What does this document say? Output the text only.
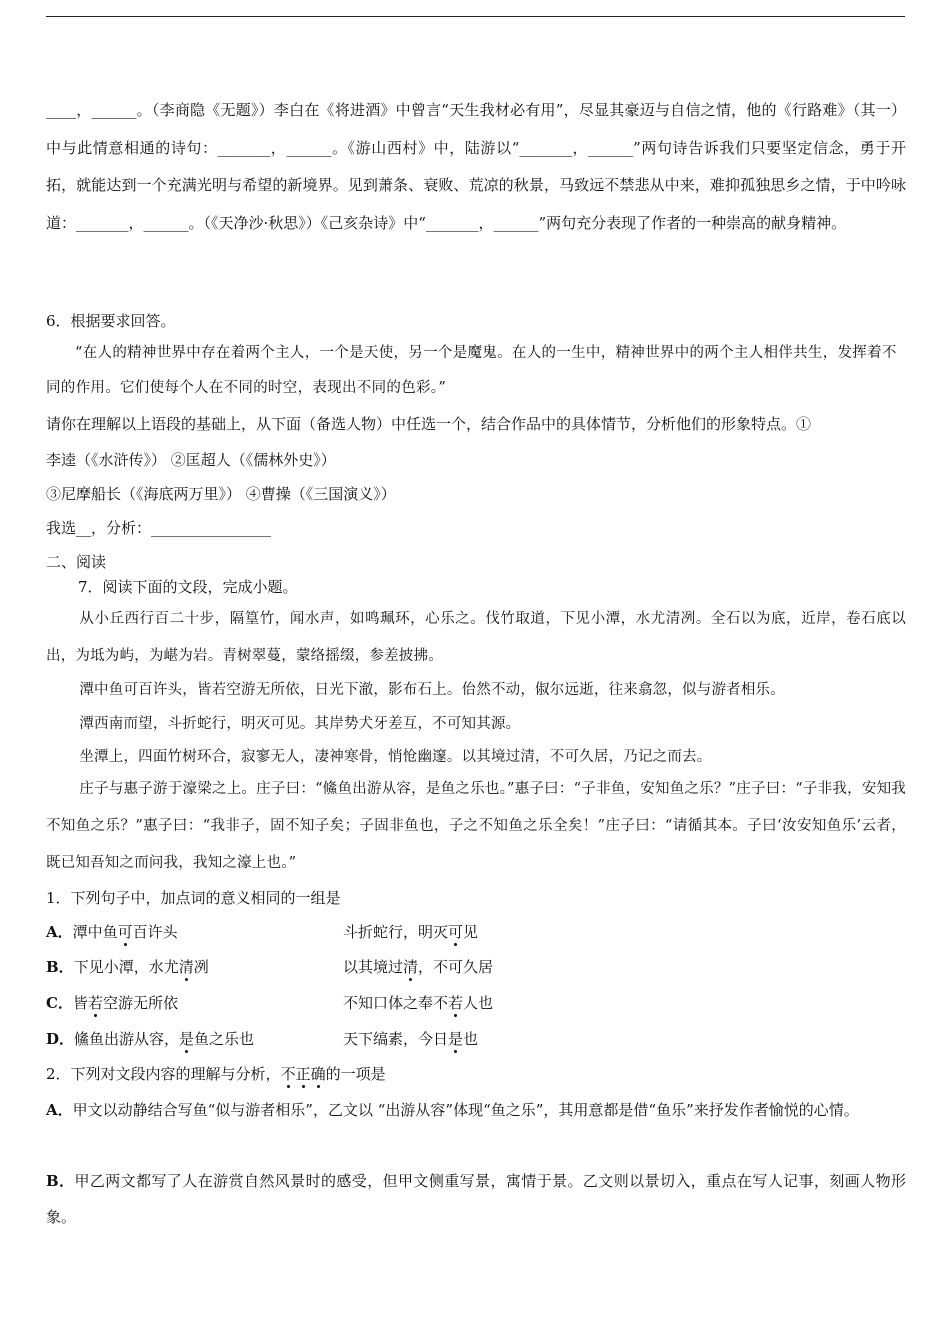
____，______。（李商隐《无题》）李白在《将进酒》中曾言“天生我材必有用”，尽显其豪迈与自信之情，他的《行路难》（其一）中与此情意相通的诗句：_______，______。《游山西村》中，陆游以“_______，______”两句诗告诉我们只要坚定信念，勇于开拓，就能达到一个充满光明与希望的新境界。见到萧条、衰败、荒凉的秋景，马致远不禁悲从中来，难抑孤独思乡之情，于中吟咏道：_______，______。（《天净沙·秋思》）《己亥杂诗》中“_______，______”两句充分表现了作者的一种崇高的献身精神。

6．根据要求回答。

“在人的精神世界中存在着两个主人，一个是天使，另一个是魔鬼。在人的一生中，精神世界中的两个主人相伴共生，发挥着不同的作用。它们使每个人在不同的时空，表现出不同的色彩。”

请你在理解以上语段的基础上，从下面（备选人物）中任选一个，结合作品中的具体情节，分析他们的形象特点。①

李逵（《水浒传》） ②匡超人（《儒林外史》）

③尼摩船长（《海底两万里》） ④曹操（《三国演义》）

我选__，分析：________________

二、阅读

7．阅读下面的文段，完成小题。

从小丘西行百二十步，隔篁竹，闻水声，如鸣珮环，心乐之。伐竹取道，下见小潭，水尤清冽。全石以为底，近岸，卷石底以出，为坻为屿，为嵁为岩。青树翠蔓，蒙络摇缀，参差披拂。

潭中鱼可百许头，皆若空游无所依，日光下澈，影布石上。佁然不动，俶尔远逝，往来翕忽，似与游者相乐。

潭西南而望，斗折蛇行，明灭可见。其岸势犬牙差互，不可知其源。

坐潭上，四面竹树环合，寂寥无人，凄神寒骨，悄怆幽邃。以其境过清，不可久居，乃记之而去。

庄子与惠子游于濠梁之上。庄子曰：“鯈鱼出游从容，是鱼之乐也。”惠子曰：“子非鱼，安知鱼之乐？”庄子曰：“子非我，安知我不知鱼之乐？”惠子曰：“我非子，固不知子矣；子固非鱼也，子之不知鱼之乐全矣！”庄子曰：“请循其本。子曰‘汝安知鱼乐’云者，既已知吾知之而问我，我知之濠上也。”

1．下列句子中，加点词的意义相同的一组是

A．潭中鱼可百许头	斗折蛇行，明灭可见
B．下见小潭，水尤清冽	以其境过清，不可久居
C．皆若空游无所依	不知口体之奉不若人也
D．鯈鱼出游从容，是鱼之乐也	天下缟素，今日是也

2．下列对文段内容的理解与分析，不正确的一项是

A．甲文以动静结合写鱼“似与游者相乐”，乙文以 “出游从容”体现“鱼之乐”，其用意都是借“鱼乐”来抒发作者愉悦的心情。

B．甲乙两文都写了人在游赏自然风景时的感受，但甲文侧重写景，寓情于景。乙文则以景切入，重点在写人记事，刻画人物形象。
